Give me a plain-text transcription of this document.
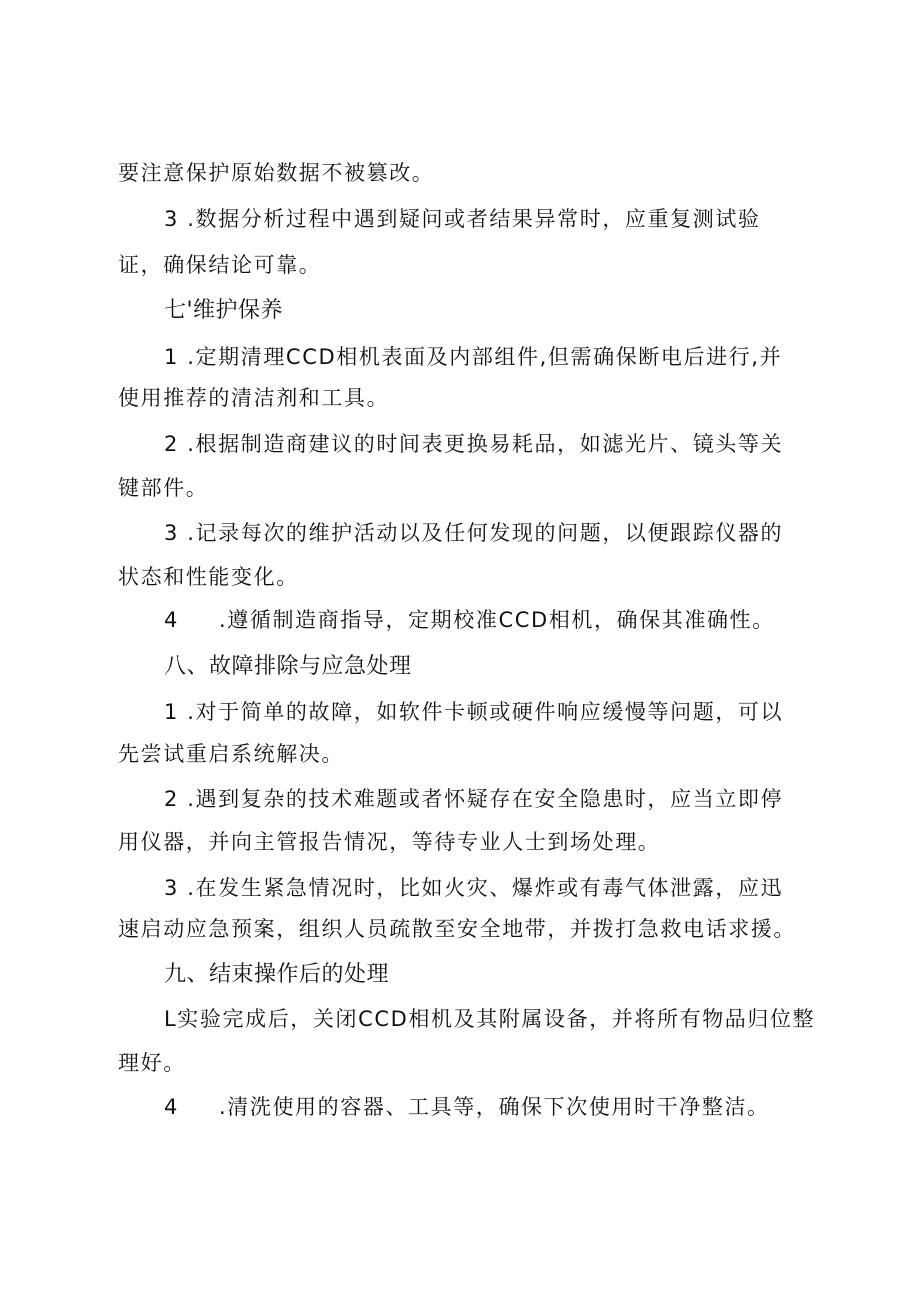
要注意保护原始数据不被篡改。
3 .数据分析过程中遇到疑问或者结果异常时，应重复测试验
证，确保结论可靠。
七'维护保养
1 .定期清理CCD相机表面及内部组件,但需确保断电后进行,并
使用推荐的清洁剂和工具。
2 .根据制造商建议的时间表更换易耗品，如滤光片、镜头等关
键部件。
3 .记录每次的维护活动以及任何发现的问题，以便跟踪仪器的
状态和性能变化。
4 .遵循制造商指导，定期校准CCD相机，确保其准确性。
八、故障排除与应急处理
1 .对于简单的故障，如软件卡顿或硬件响应缓慢等问题，可以
先尝试重启系统解决。
2 .遇到复杂的技术难题或者怀疑存在安全隐患时，应当立即停
用仪器，并向主管报告情况，等待专业人士到场处理。
3 .在发生紧急情况时，比如火灾、爆炸或有毒气体泄露，应迅
速启动应急预案，组织人员疏散至安全地带，并拨打急救电话求援。
九、结束操作后的处理
L实验完成后，关闭CCD相机及其附属设备，并将所有物品归位整
理好。
4 .清洗使用的容器、工具等，确保下次使用时干净整洁。
